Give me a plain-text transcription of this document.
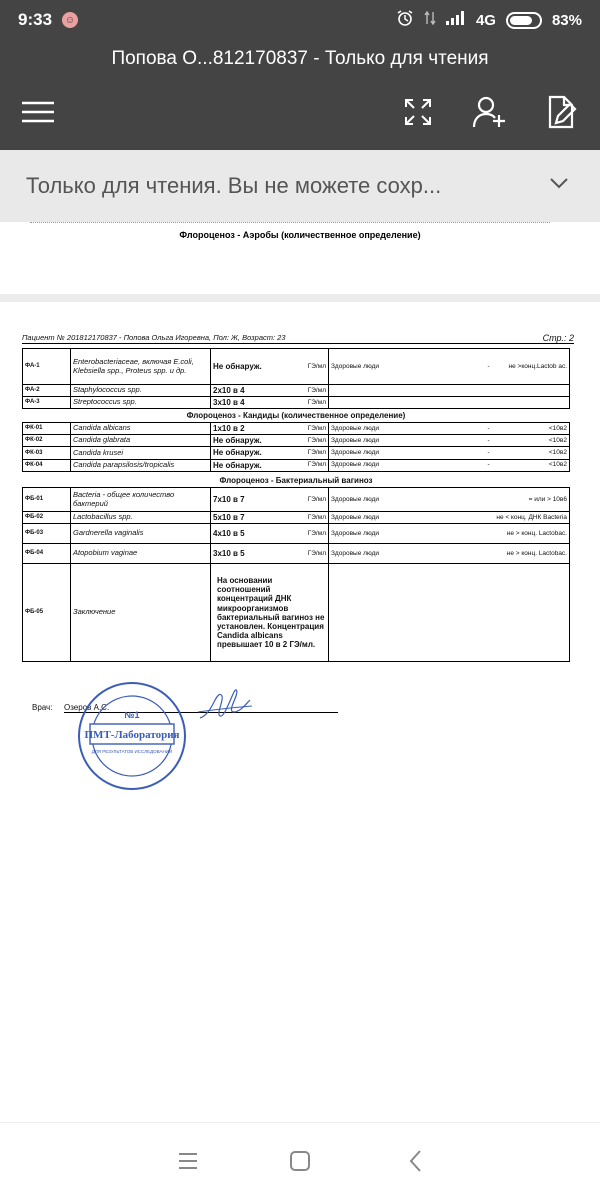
9:33 ☺	4G	83%
Попова О...812170837 - Только для чтения
Только для чтения. Вы не можете сохр...
Флороценоз - Аэробы (количественное определение)
Пациент № 201812170837 - Попова Ольга Игоревна, Пол: Ж, Возраст: 23	Стр.: 2
ФА-1	Enterobacteriaceae, включая E.coli, Klebsiella spp., Proteus spp. и др.	Не обнаруж.	ГЭ/мл	Здоровые люди	- не >конц.Lactob ac.
ФА-2	Staphylococcus spp.	2x10 в 4	ГЭ/мл		

ФА-3	Streptococcus spp.	3x10 в 4	ГЭ/мл		
Флороценоз - Кандиды (количественное определение)
ФК-01	Candida albicans	1x10 в 2	ГЭ/мл	Здоровые люди	- <10в2
ФК-02	Candida glabrata	Не обнаруж.	ГЭ/мл	Здоровые люди	- <10в2
ФК-03	Candida krusei	Не обнаруж.	ГЭ/мл	Здоровые люди	- <10в2
ФК-04	Candida parapsilosis/tropicalis	Не обнаруж.	ГЭ/мл	Здоровые люди	- <10в2
Флороценоз - Бактериальный вагиноз
ФБ-01	Bacteria - общее количество бактерий	7x10 в 7	ГЭ/мл	Здоровые люди	= или > 10в6
ФБ-02	Lactobacillus spp.	5x10 в 7	ГЭ/мл	Здоровые люди	не < конц. ДНК Bacteria
ФБ-03	Gardnerella vaginalis	4x10 в 5	ГЭ/мл	Здоровые люди	не > конц. Lactobac.
ФБ-04	Atopobium vaginae	3x10 в 5	ГЭ/мл	Здоровые люди	не > конц. Lactobac.
ФБ-05	Заключение	На основании соотношений концентраций ДНК микроорганизмов бактериальный вагиноз не установлен. Концентрация Candida albicans превышает 10 в 2 ГЭ/мл.			
Врач: Озеров А.С.
№1
ПМТ-Лаборатория
ДЛЯ РЕЗУЛЬТАТОВ ИССЛЕДОВАНИЙ
